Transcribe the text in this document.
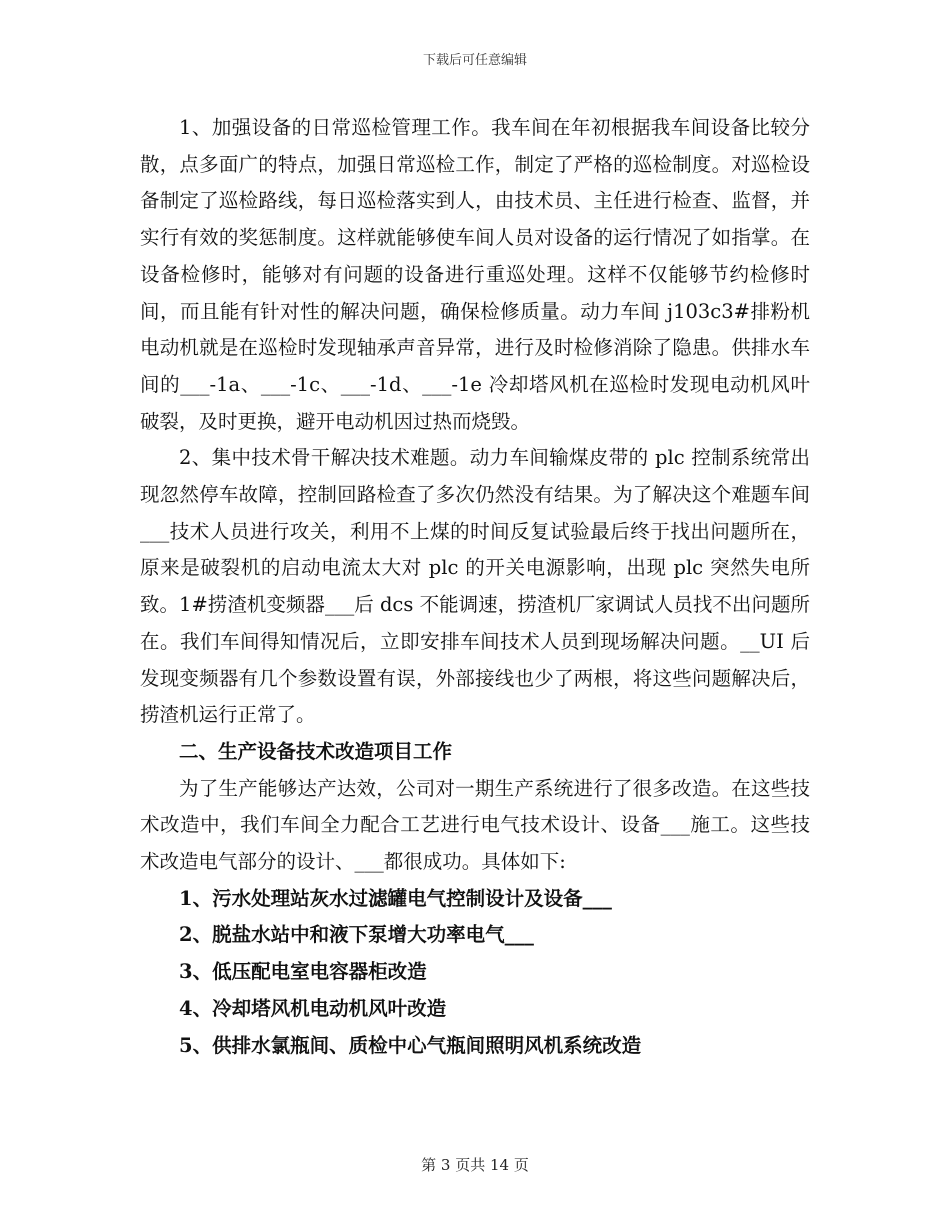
下载后可任意编辑

1、加强设备的日常巡检管理工作。我车间在年初根据我车间设备比较分散，点多面广的特点，加强日常巡检工作，制定了严格的巡检制度。对巡检设备制定了巡检路线，每日巡检落实到人，由技术员、主任进行检查、监督，并实行有效的奖惩制度。这样就能够使车间人员对设备的运行情况了如指掌。在设备检修时，能够对有问题的设备进行重巡处理。这样不仅能够节约检修时间，而且能有针对性的解决问题，确保检修质量。动力车间 j103c3#排粉机电动机就是在巡检时发现轴承声音异常，进行及时检修消除了隐患。供排水车间的___-1a、___-1c、___-1d、___-1e 冷却塔风机在巡检时发现电动机风叶破裂，及时更换，避开电动机因过热而烧毁。

2、集中技术骨干解决技术难题。动力车间输煤皮带的 plc 控制系统常出现忽然停车故障，控制回路检查了多次仍然没有结果。为了解决这个难题车间___技术人员进行攻关，利用不上煤的时间反复试验最后终于找出问题所在，原来是破裂机的启动电流太大对 plc 的开关电源影响，出现 plc 突然失电所致。1#捞渣机变频器___后 dcs 不能调速，捞渣机厂家调试人员找不出问题所在。我们车间得知情况后，立即安排车间技术人员到现场解决问题。__UI 后发现变频器有几个参数设置有误，外部接线也少了两根，将这些问题解决后，捞渣机运行正常了。

二、生产设备技术改造项目工作

为了生产能够达产达效，公司对一期生产系统进行了很多改造。在这些技术改造中，我们车间全力配合工艺进行电气技术设计、设备___施工。这些技术改造电气部分的设计、___都很成功。具体如下:

1、污水处理站灰水过滤罐电气控制设计及设备___

2、脱盐水站中和液下泵增大功率电气___

3、低压配电室电容器柜改造

4、冷却塔风机电动机风叶改造

5、供排水氯瓶间、质检中心气瓶间照明风机系统改造

第 3 页共 14 页
